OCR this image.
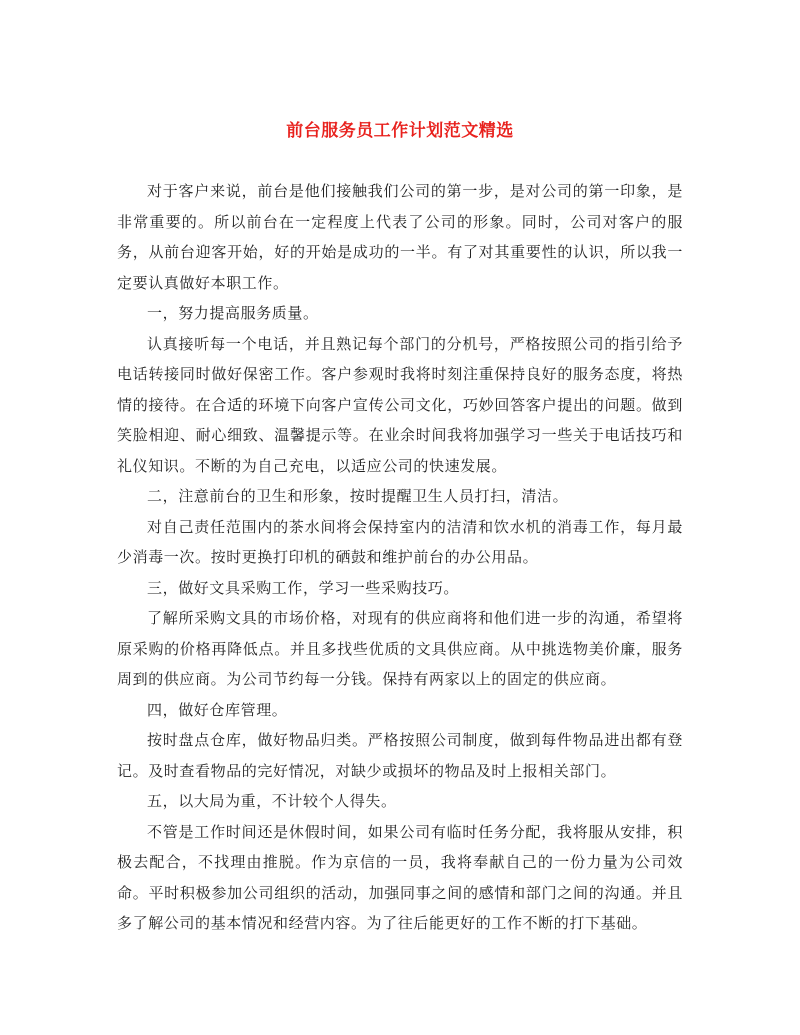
前台服务员工作计划范文精选

对于客户来说，前台是他们接触我们公司的第一步，是对公司的第一印象，是非常重要的。所以前台在一定程度上代表了公司的形象。同时，公司对客户的服务，从前台迎客开始，好的开始是成功的一半。有了对其重要性的认识，所以我一定要认真做好本职工作。

一，努力提高服务质量。

认真接听每一个电话，并且熟记每个部门的分机号，严格按照公司的指引给予电话转接同时做好保密工作。客户参观时我将时刻注重保持良好的服务态度，将热情的接待。在合适的环境下向客户宣传公司文化，巧妙回答客户提出的问题。做到笑脸相迎、耐心细致、温馨提示等。在业余时间我将加强学习一些关于电话技巧和礼仪知识。不断的为自己充电，以适应公司的快速发展。

二，注意前台的卫生和形象，按时提醒卫生人员打扫，清洁。

对自己责任范围内的茶水间将会保持室内的洁清和饮水机的消毒工作，每月最少消毒一次。按时更换打印机的硒鼓和维护前台的办公用品。

三，做好文具采购工作，学习一些采购技巧。

了解所采购文具的市场价格，对现有的供应商将和他们进一步的沟通，希望将原采购的价格再降低点。并且多找些优质的文具供应商。从中挑选物美价廉，服务周到的供应商。为公司节约每一分钱。保持有两家以上的固定的供应商。

四，做好仓库管理。

按时盘点仓库，做好物品归类。严格按照公司制度，做到每件物品进出都有登记。及时查看物品的完好情况，对缺少或损坏的物品及时上报相关部门。

五，以大局为重，不计较个人得失。

不管是工作时间还是休假时间，如果公司有临时任务分配，我将服从安排，积极去配合，不找理由推脱。作为京信的一员，我将奉献自己的一份力量为公司效命。平时积极参加公司组织的活动，加强同事之间的感情和部门之间的沟通。并且多了解公司的基本情况和经营内容。为了往后能更好的工作不断的打下基础。
